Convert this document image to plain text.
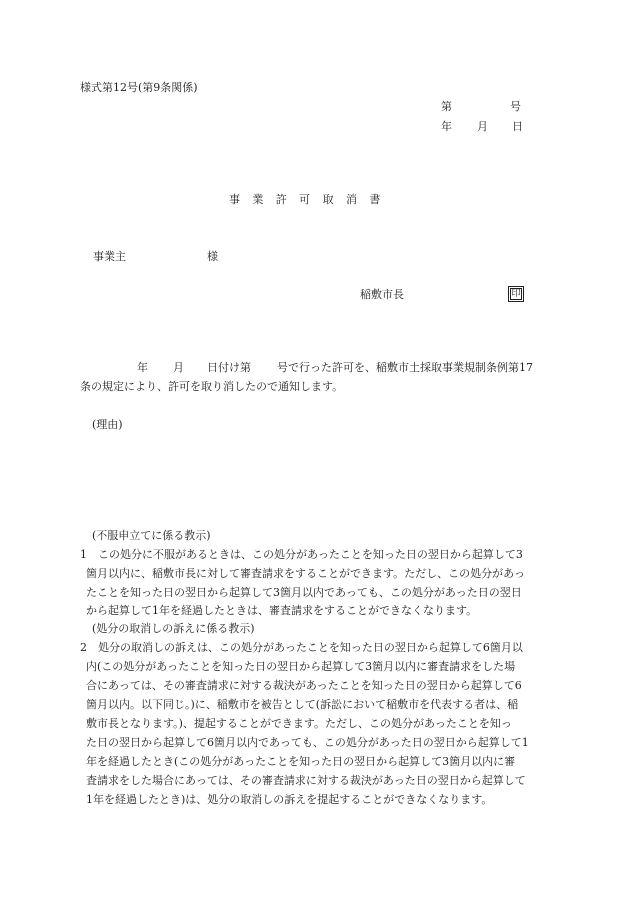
様式第12号(第9条関係)
第	号
年 月 日
事 業 許 可 取 消 書
事業主	様
稲敷市長	印
年 月 日付け第 号で行った許可を、稲敷市土採取事業規制条例第17
条の規定により、許可を取り消したので通知します。
(理由)
(不服申立てに係る教示)
1　この処分に不服があるときは、この処分があったことを知った日の翌日から起算して3
箇月以内に、稲敷市長に対して審査請求をすることができます。ただし、この処分があっ
たことを知った日の翌日から起算して3箇月以内であっても、この処分があった日の翌日
から起算して1年を経過したときは、審査請求をすることができなくなります。
(処分の取消しの訴えに係る教示)
2　処分の取消しの訴えは、この処分があったことを知った日の翌日から起算して6箇月以
内(この処分があったことを知った日の翌日から起算して3箇月以内に審査請求をした場
合にあっては、その審査請求に対する裁決があったことを知った日の翌日から起算して6
箇月以内。以下同じ。)に、稲敷市を被告として(訴訟において稲敷市を代表する者は、稲
敷市長となります。)、提起することができます。ただし、この処分があったことを知っ
た日の翌日から起算して6箇月以内であっても、この処分があった日の翌日から起算して1
年を経過したとき(この処分があったことを知った日の翌日から起算して3箇月以内に審
査請求をした場合にあっては、その審査請求に対する裁決があった日の翌日から起算して
1年を経過したとき)は、処分の取消しの訴えを提起することができなくなります。
